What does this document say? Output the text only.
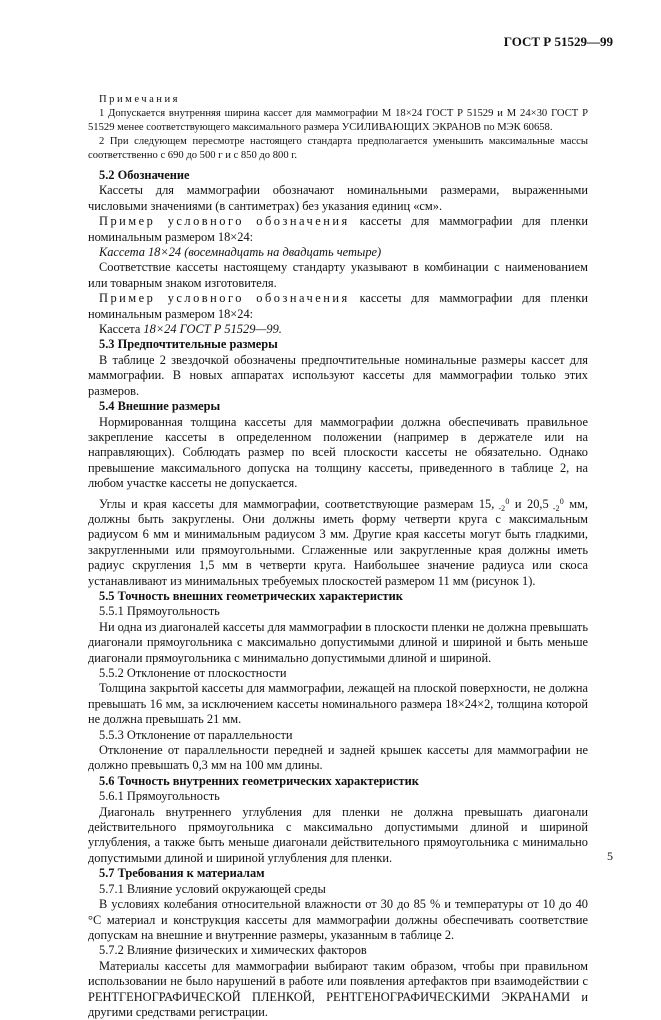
ГОСТ Р 51529—99

Примечания

1 Допускается внутренняя ширина кассет для маммографии М 18×24 ГОСТ Р 51529 и М 24×30 ГОСТ Р 51529 менее соответствующего максимального размера УСИЛИВАЮЩИХ ЭКРАНОВ по МЭК 60658.

2 При следующем пересмотре настоящего стандарта предполагается уменьшить максимальные массы соответственно с 690 до 500 г и с 850 до 800 г.

5.2 Обозначение

Кассеты для маммографии обозначают номинальными размерами, выраженными числовыми значениями (в сантиметрах) без указания единиц «см».

Пример условного обозначения кассеты для маммографии для пленки номинальным размером 18×24:

Кассета 18×24 (восемнадцать на двадцать четыре)

Соответствие кассеты настоящему стандарту указывают в комбинации с наименованием или товарным знаком изготовителя.

Пример условного обозначения кассеты для маммографии для пленки номинальным размером 18×24:

Кассета 18×24 ГОСТ Р 51529—99.

5.3 Предпочтительные размеры

В таблице 2 звездочкой обозначены предпочтительные номинальные размеры кассет для маммографии. В новых аппаратах используют кассеты для маммографии только этих размеров.

5.4 Внешние размеры

Нормированная толщина кассеты для маммографии должна обеспечивать правильное закрепление кассеты в определенном положении (например в держателе или на направляющих). Соблюдать размер по всей плоскости кассеты не обязательно. Однако превышение максимального допуска на толщину кассеты, приведенного в таблице 2, на любом участке кассеты не допускается.

Углы и края кассеты для маммографии, соответствующие размерам 15, 0
-2 и 20,5 0
-2 мм, должны быть закруглены. Они должны иметь форму четверти круга с максимальным радиусом 6 мм и минимальным радиусом 3 мм. Другие края кассеты могут быть гладкими, закругленными или прямоугольными. Сглаженные или закругленные края должны иметь радиус скругления 1,5 мм в четверти круга. Наибольшее значение радиуса или скоса устанавливают из минимальных требуемых плоскостей размером 11 мм (рисунок 1).

5.5 Точность внешних геометрических характеристик

5.5.1 Прямоугольность

Ни одна из диагоналей кассеты для маммографии в плоскости пленки не должна превышать диагонали прямоугольника с максимально допустимыми длиной и шириной и быть меньше диагонали прямоугольника с минимально допустимыми длиной и шириной.

5.5.2 Отклонение от плоскостности

Толщина закрытой кассеты для маммографии, лежащей на плоской поверхности, не должна превышать 16 мм, за исключением кассеты номинального размера 18×24×2, толщина которой не должна превышать 21 мм.

5.5.3 Отклонение от параллельности

Отклонение от параллельности передней и задней крышек кассеты для маммографии не должно превышать 0,3 мм на 100 мм длины.

5.6 Точность внутренних геометрических характеристик

5.6.1 Прямоугольность

Диагональ внутреннего углубления для пленки не должна превышать диагонали действительного прямоугольника с максимально допустимыми длиной и шириной углубления, а также быть меньше диагонали действительного прямоугольника с минимально допустимыми длиной и шириной углубления для пленки.

5.7 Требования к материалам

5.7.1 Влияние условий окружающей среды

В условиях колебания относительной влажности от 30 до 85 % и температуры от 10 до 40 °С материал и конструкция кассеты для маммографии должны обеспечивать соответствие допускам на внешние и внутренние размеры, указанным в таблице 2.

5.7.2 Влияние физических и химических факторов

Материалы кассеты для маммографии выбирают таким образом, чтобы при правильном использовании не было нарушений в работе или появления артефактов при взаимодействии с РЕНТГЕНОГРАФИЧЕСКОЙ ПЛЕНКОЙ, РЕНТГЕНОГРАФИЧЕСКИМИ ЭКРАНАМИ и другими средствами регистрации.

5
